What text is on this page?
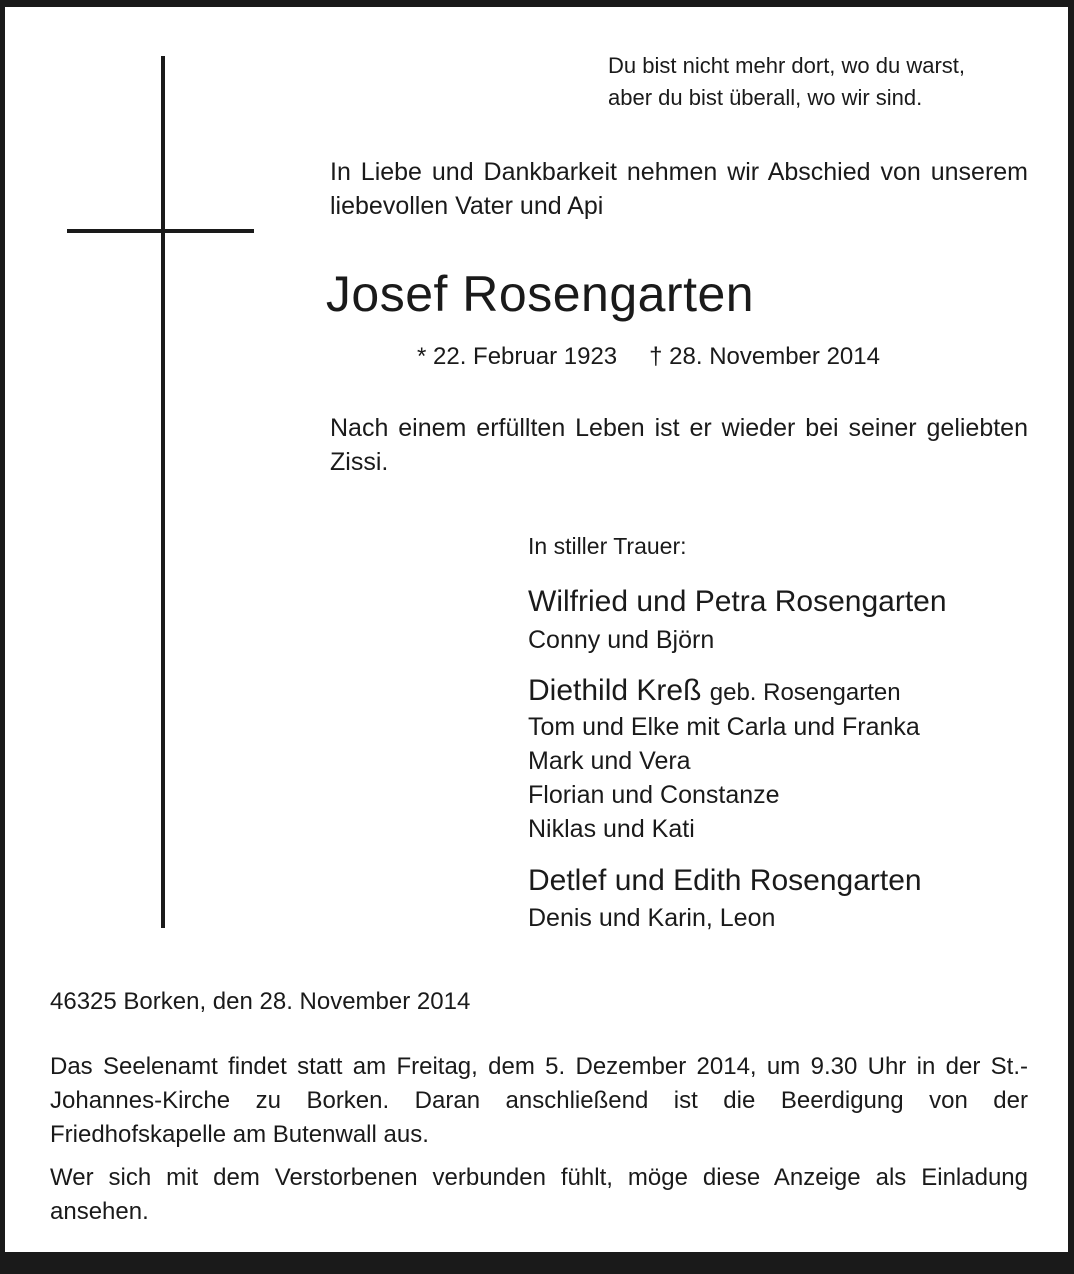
Erschienen am 02.12.2014 © Verlag J. Mergelsberg GmbH
Du bist nicht mehr dort, wo du warst,
aber du bist überall, wo wir sind.
In Liebe und Dankbarkeit nehmen wir Abschied von unserem liebevollen Vater und Api
Josef Rosengarten
* 22. Februar 1923 † 28. November 2014
Nach einem erfüllten Leben ist er wieder bei seiner geliebten Zissi.
In stiller Trauer:
Wilfried und Petra Rosengarten
Conny und Björn
Diethild Kreß geb. Rosengarten
Tom und Elke mit Carla und Franka
Mark und Vera
Florian und Constanze
Niklas und Kati
Detlef und Edith Rosengarten
Denis und Karin, Leon
46325 Borken, den 28. November 2014
Das Seelenamt findet statt am Freitag, dem 5. Dezember 2014, um 9.30 Uhr in der St.-Johannes-Kirche zu Borken. Daran anschließend ist die Beerdigung von der Friedhofskapelle am Butenwall aus.
Wer sich mit dem Verstorbenen verbunden fühlt, möge diese Anzeige als Einladung ansehen.
